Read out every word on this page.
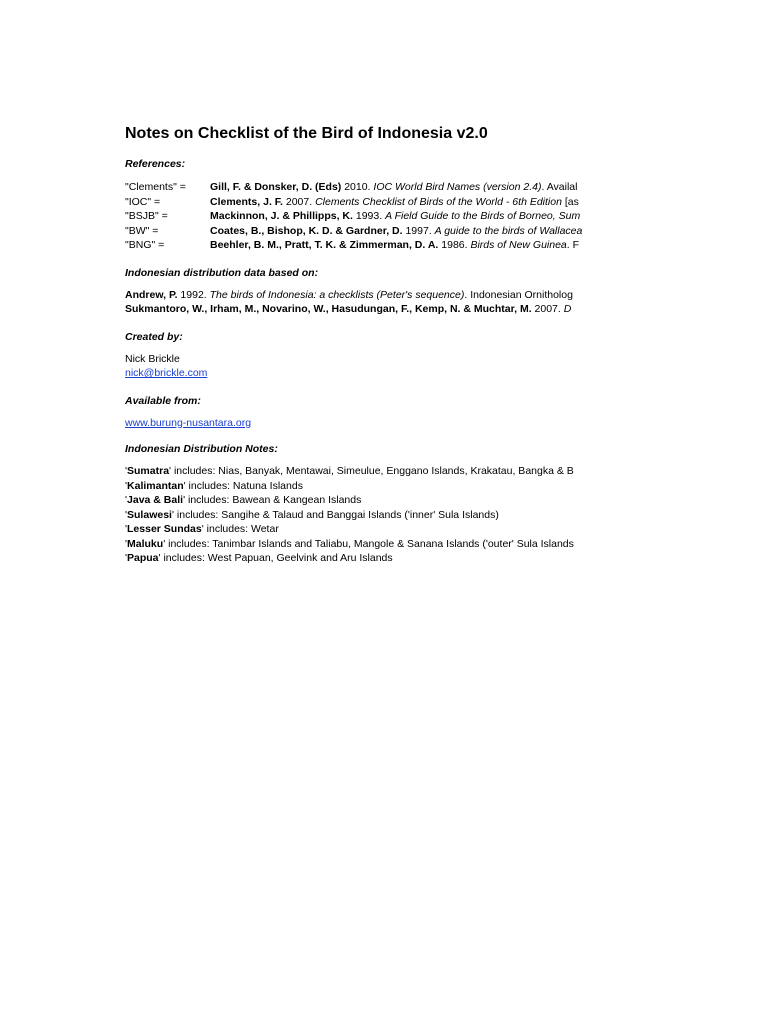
Notes on Checklist of the Bird of Indonesia v2.0
References:
"Clements" =	Gill, F. & Donsker, D. (Eds) 2010. IOC World Bird Names (version 2.4). Availal
"IOC" =	Clements, J. F. 2007. Clements Checklist of Birds of the World - 6th Edition [as
"BSJB" =	Mackinnon, J. & Phillipps, K. 1993. A Field Guide to the Birds of Borneo, Sum
"BW" =	Coates, B., Bishop, K. D. & Gardner, D. 1997. A guide to the birds of Wallacea
"BNG" =	Beehler, B. M., Pratt, T. K. & Zimmerman, D. A. 1986. Birds of New Guinea. F
Indonesian distribution data based on:
Andrew, P. 1992. The birds of Indonesia: a checklists (Peter's sequence). Indonesian Ornitholog
Sukmantoro, W., Irham, M., Novarino, W., Hasudungan, F., Kemp, N. & Muchtar, M. 2007. D
Created by:
Nick Brickle
nick@brickle.com
Available from:
www.burung-nusantara.org
Indonesian Distribution Notes:
'Sumatra' includes: Nias, Banyak, Mentawai, Simeulue, Enggano Islands, Krakatau, Bangka & B
'Kalimantan' includes: Natuna Islands
'Java & Bali' includes: Bawean & Kangean Islands
'Sulawesi' includes: Sangihe & Talaud and Banggai Islands ('inner' Sula Islands)
'Lesser Sundas' includes: Wetar
'Maluku' includes: Tanimbar Islands and Taliabu, Mangole & Sanana Islands ('outer' Sula Islands
'Papua' includes: West Papuan, Geelvink and Aru Islands
